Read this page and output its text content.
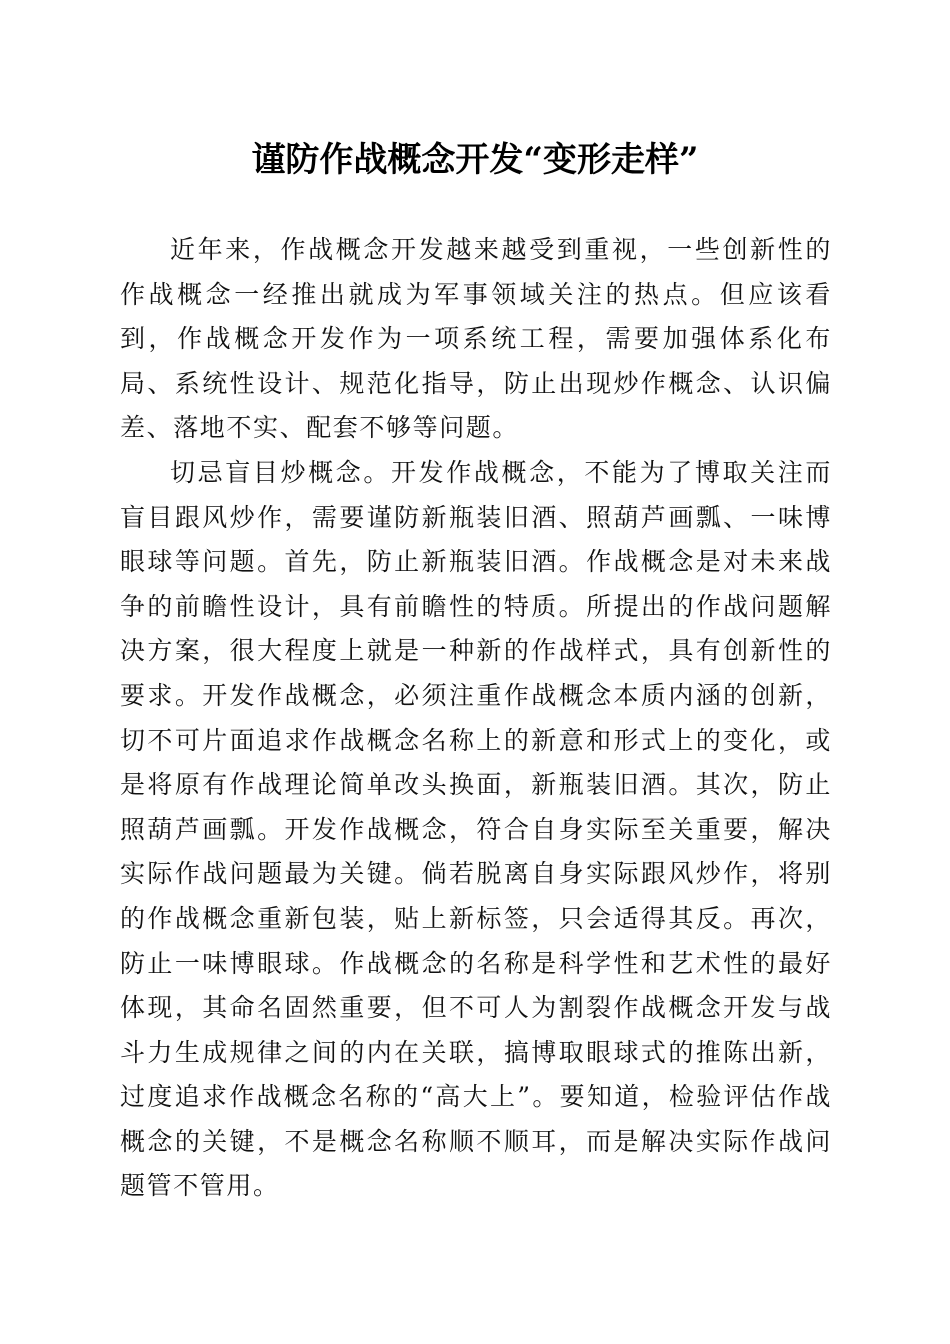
谨防作战概念开发“变形走样”

近年来，作战概念开发越来越受到重视，一些创新性的作战概念一经推出就成为军事领域关注的热点。但应该看到，作战概念开发作为一项系统工程，需要加强体系化布局、系统性设计、规范化指导，防止出现炒作概念、认识偏差、落地不实、配套不够等问题。

切忌盲目炒概念。开发作战概念，不能为了博取关注而盲目跟风炒作，需要谨防新瓶装旧酒、照葫芦画瓢、一味博眼球等问题。首先，防止新瓶装旧酒。作战概念是对未来战争的前瞻性设计，具有前瞻性的特质。所提出的作战问题解决方案，很大程度上就是一种新的作战样式，具有创新性的要求。开发作战概念，必须注重作战概念本质内涵的创新，切不可片面追求作战概念名称上的新意和形式上的变化，或是将原有作战理论简单改头换面，新瓶装旧酒。其次，防止照葫芦画瓢。开发作战概念，符合自身实际至关重要，解决实际作战问题最为关键。倘若脱离自身实际跟风炒作，将别的作战概念重新包装，贴上新标签，只会适得其反。再次，防止一味博眼球。作战概念的名称是科学性和艺术性的最好体现，其命名固然重要，但不可人为割裂作战概念开发与战斗力生成规律之间的内在关联，搞博取眼球式的推陈出新，过度追求作战概念名称的“高大上”。要知道，检验评估作战概念的关键，不是概念名称顺不顺耳，而是解决实际作战问题管不管用。
